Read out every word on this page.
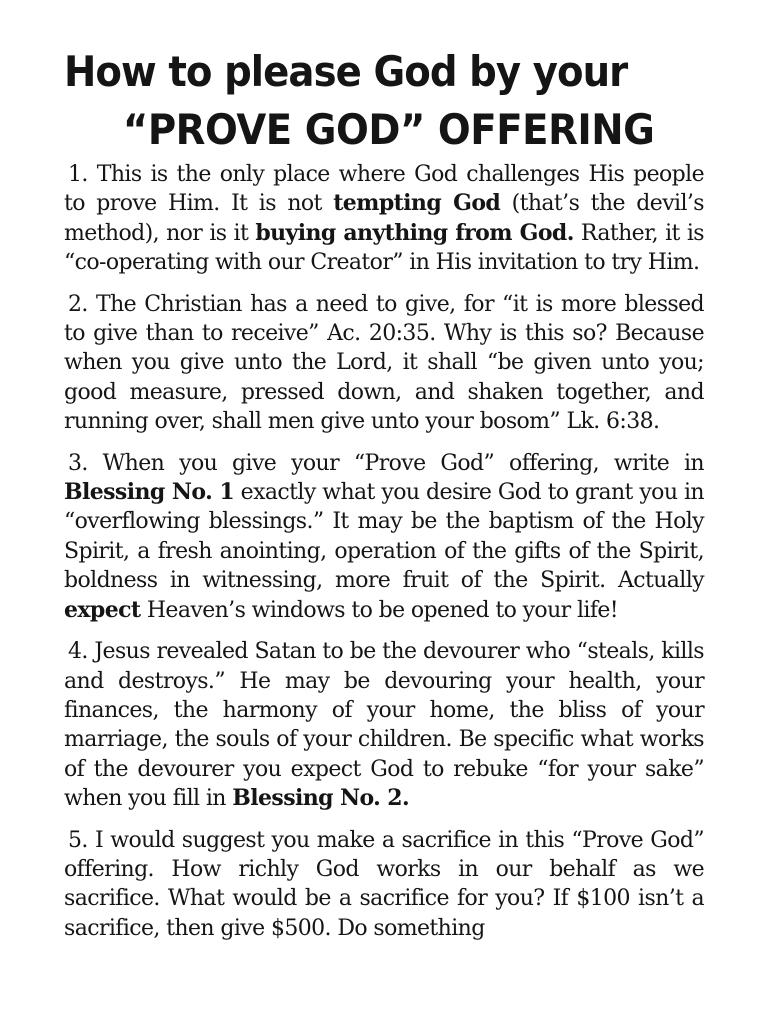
How to please God by your
“PROVE GOD” OFFERING

1. This is the only place where God challenges His people to prove Him. It is not tempting God (that’s the devil’s method), nor is it buying anything from God. Rather, it is “co-operating with our Creator” in His invitation to try Him.

2. The Christian has a need to give, for “it is more blessed to give than to receive” Ac. 20:35. Why is this so? Because when you give unto the Lord, it shall “be given unto you; good measure, pressed down, and shaken together, and running over, shall men give unto your bosom” Lk. 6:38.

3. When you give your “Prove God” offering, write in Blessing No. 1 exactly what you desire God to grant you in “overflowing blessings.” It may be the baptism of the Holy Spirit, a fresh anointing, operation of the gifts of the Spirit, boldness in witnessing, more fruit of the Spirit. Actually expect Heaven’s windows to be opened to your life!

4. Jesus revealed Satan to be the devourer who “steals, kills and destroys.” He may be devouring your health, your finances, the harmony of your home, the bliss of your marriage, the souls of your children. Be specific what works of the devourer you expect God to rebuke “for your sake” when you fill in Blessing No. 2.

5. I would suggest you make a sacrifice in this “Prove God” offering. How richly God works in our behalf as we sacrifice. What would be a sacrifice for you? If $100 isn’t a sacrifice, then give $500. Do something
